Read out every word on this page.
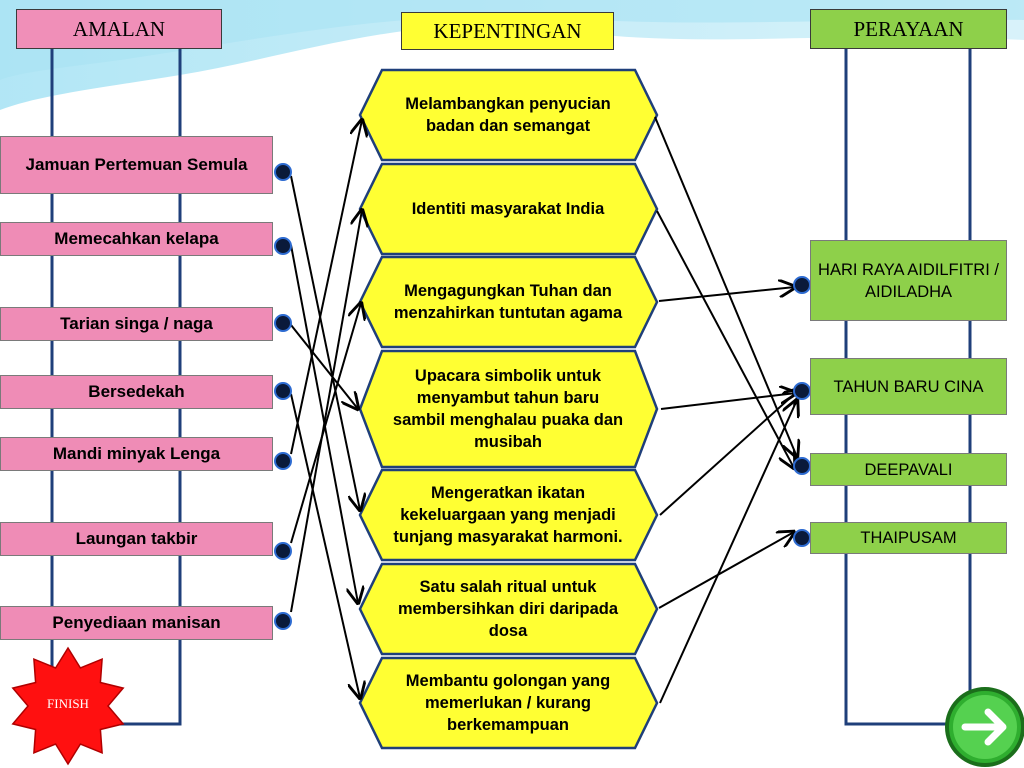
AMALAN	KEPENTINGAN	PERAYAAN
Jamuan Pertemuan Semula
Memecahkan kelapa
Tarian singa / naga
Bersedekah
Mandi minyak Lenga
Laungan takbir
Penyediaan manisan
Melambangkan penyucian badan dan semangat
Identiti masyarakat India
Mengagungkan Tuhan dan menzahirkan tuntutan agama
Upacara simbolik untuk menyambut tahun baru sambil menghalau puaka dan musibah
Mengeratkan ikatan kekeluargaan yang menjadi tunjang masyarakat harmoni.
Satu salah ritual untuk membersihkan diri daripada dosa
Membantu golongan yang memerlukan / kurang berkemampuan
HARI RAYA AIDILFITRI / AIDILADHA
TAHUN BARU CINA
DEEPAVALI
THAIPUSAM
FINISH
